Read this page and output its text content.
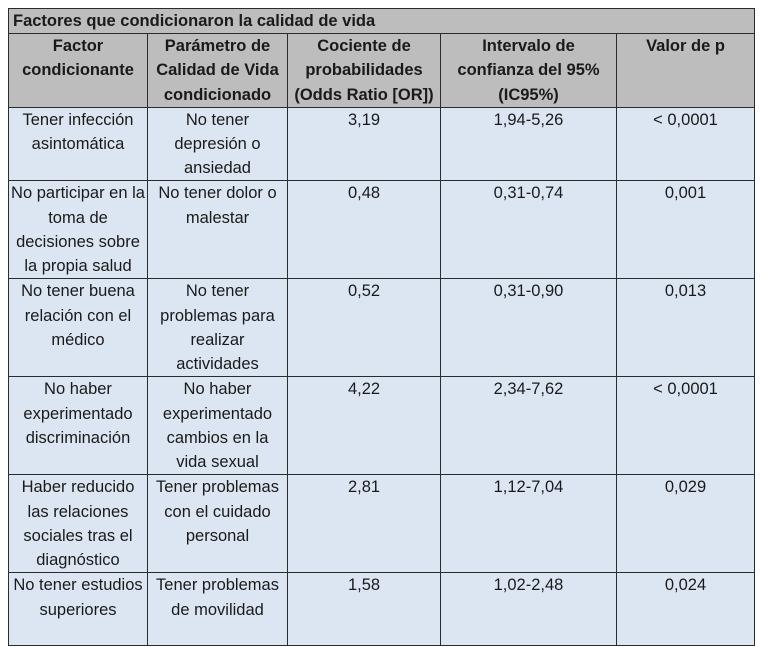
Factores que condicionaron la calidad de vida				
Factor condicionante	Parámetro de Calidad de Vida condicionado	Cociente de probabilidades (Odds Ratio [OR])	Intervalo de confianza del 95% (IC95%)	Valor de p
Tener infección asintomática	No tener depresión o ansiedad	3,19	1,94-5,26	< 0,0001
No participar en la toma de decisiones sobre la propia salud	No tener dolor o malestar	0,48	0,31-0,74	0,001
No tener buena relación con el médico	No tener problemas para realizar actividades	0,52	0,31-0,90	0,013
No haber experimentado discriminación	No haber experimentado cambios en la vida sexual	4,22	2,34-7,62	< 0,0001
Haber reducido las relaciones sociales tras el diagnóstico	Tener problemas con el cuidado personal	2,81	1,12-7,04	0,029
No tener estudios superiores	Tener problemas de movilidad	1,58	1,02-2,48	0,024
